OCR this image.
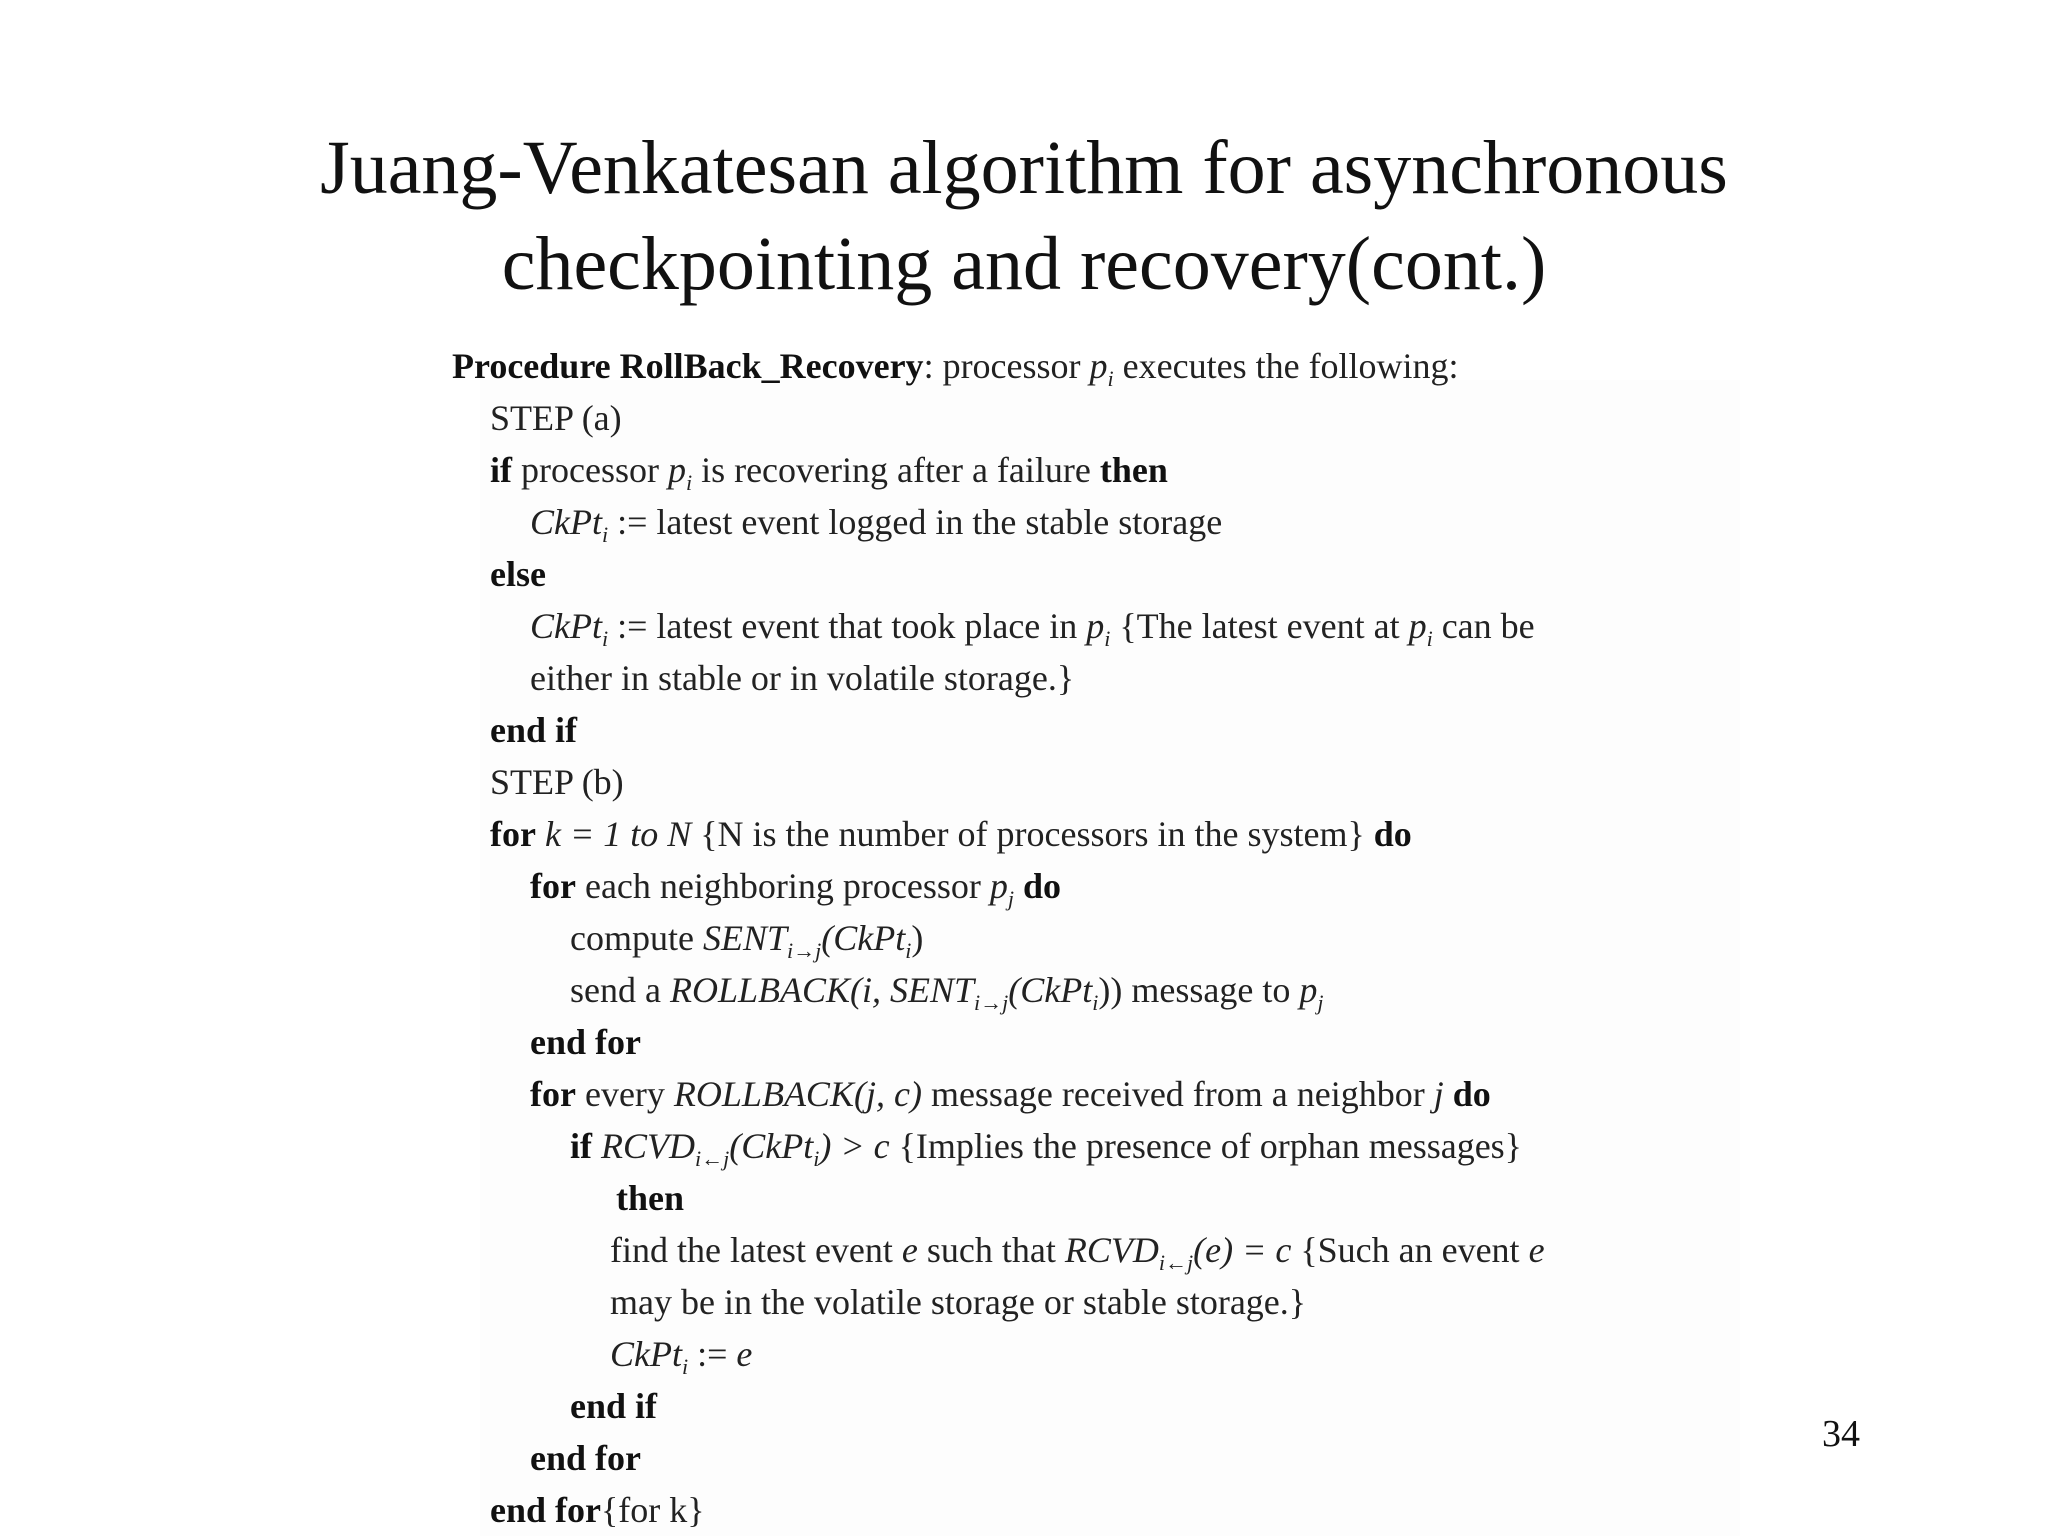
Juang-Venkatesan algorithm for asynchronous
checkpointing and recovery(cont.)
Procedure RollBack_Recovery: processor $p_i$ executes the following:
STEP (a)
if processor $p_i$ is recovering after a failure then
CkPt$_i$ := latest event logged in the stable storage
else
CkPt$_i$ := latest event that took place in $p_i$ {The latest event at $p_i$ can be
either in stable or in volatile storage.}
end if
STEP (b)
for k = 1 to N {N is the number of processors in the system} do
for each neighboring processor $p_j$ do
compute $SENT_{i\to j}(CkPt_i)$
send a ROLLBACK(i, $SENT_{i\to j}(CkPt_i)$) message to $p_j$
end for
for every ROLLBACK(j, c) message received from a neighbor j do
if $RCVD_{i\leftarrow j}(CkPt_i) > c$ {Implies the presence of orphan messages}
then
find the latest event e such that $RCVD_{i\leftarrow j}(e) = c$ {Such an event e
may be in the volatile storage or stable storage.}
CkPt$_i$ := e
end if
end for
end for{for k}
34
